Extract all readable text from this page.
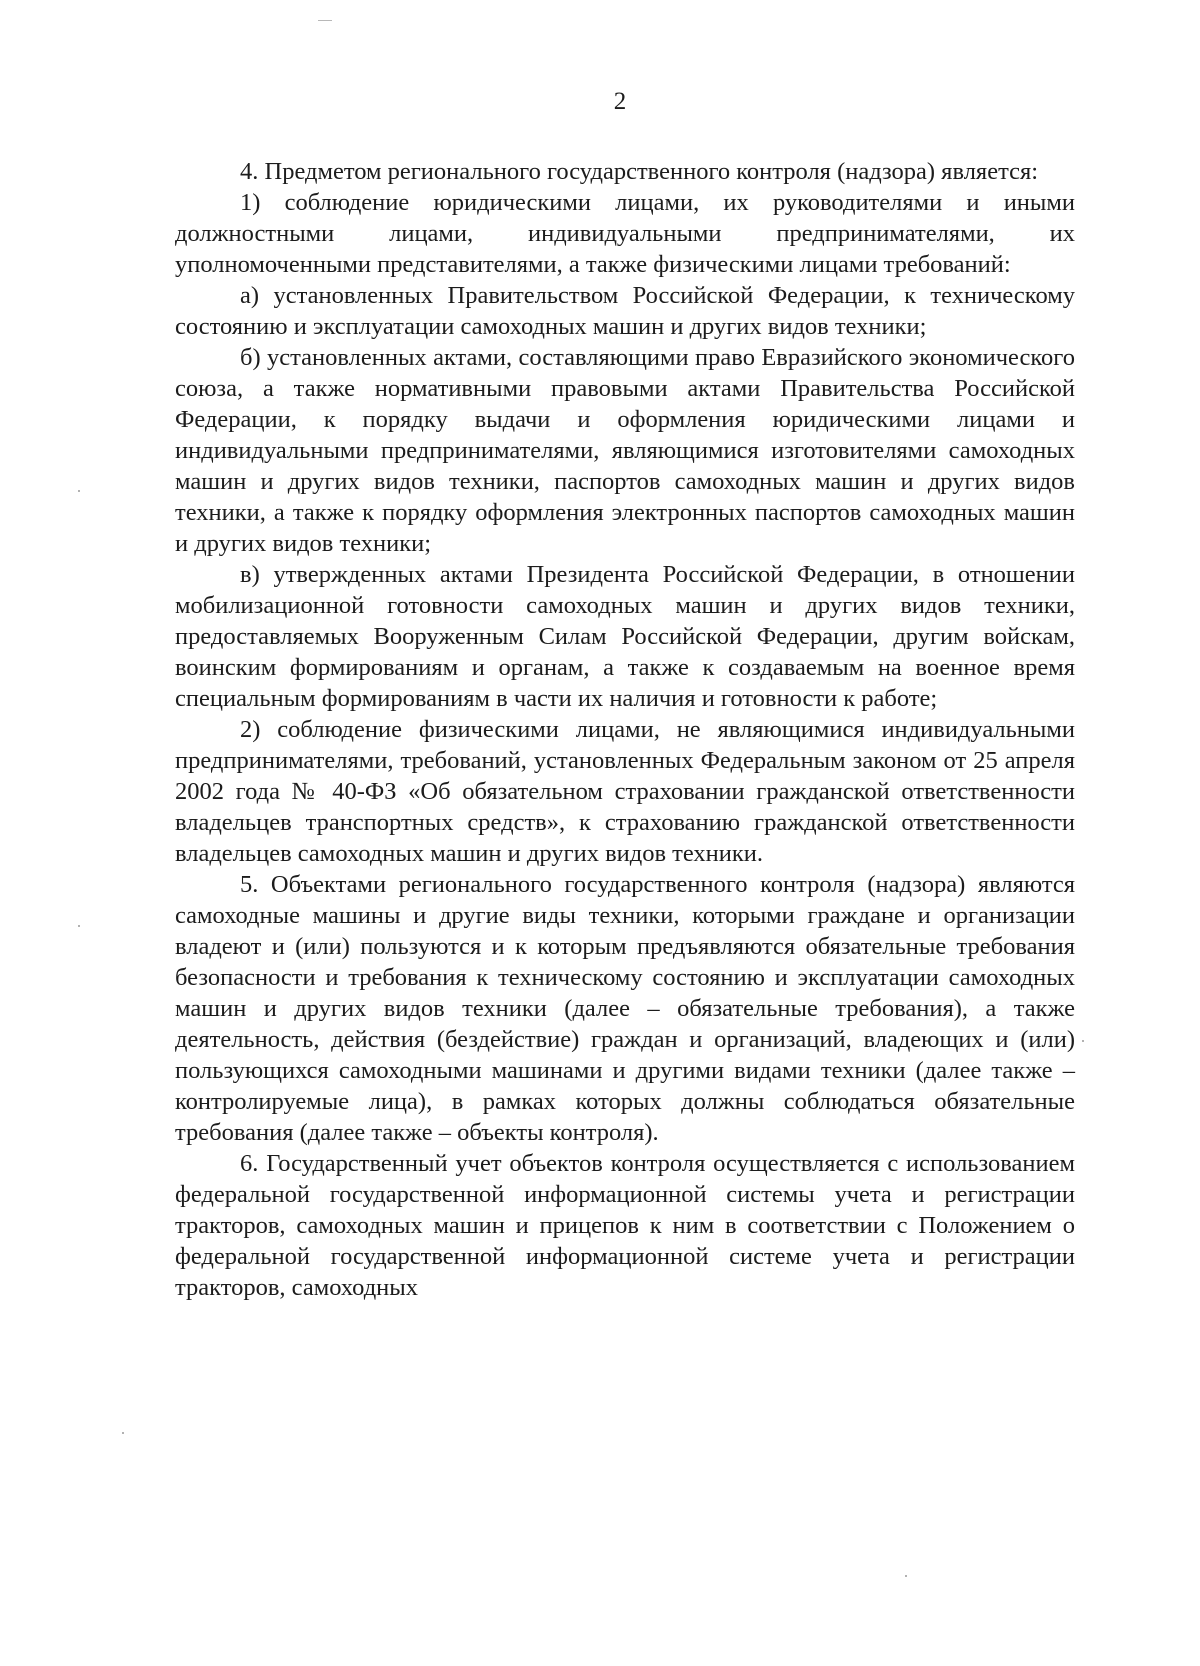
2

4. Предметом регионального государственного контроля (надзора) является:

1) соблюдение юридическими лицами, их руководителями и иными должностными лицами, индивидуальными предпринимателями, их уполномоченными представителями, а также физическими лицами требований:

а) установленных Правительством Российской Федерации, к техническому состоянию и эксплуатации самоходных машин и других видов техники;

б) установленных актами, составляющими право Евразийского экономического союза, а также нормативными правовыми актами Правительства Российской Федерации, к порядку выдачи и оформления юридическими лицами и индивидуальными предпринимателями, являющимися изготовителями самоходных машин и других видов техники, паспортов самоходных машин и других видов техники, а также к порядку оформления электронных паспортов самоходных машин и других видов техники;

в) утвержденных актами Президента Российской Федерации, в отношении мобилизационной готовности самоходных машин и других видов техники, предоставляемых Вооруженным Силам Российской Федерации, другим войскам, воинским формированиям и органам, а также к создаваемым на военное время специальным формированиям в части их наличия и готовности к работе;

2) соблюдение физическими лицами, не являющимися индивидуальными предпринимателями, требований, установленных Федеральным законом от 25 апреля 2002 года № 40-ФЗ «Об обязательном страховании гражданской ответственности владельцев транспортных средств», к страхованию гражданской ответственности владельцев самоходных машин и других видов техники.

5. Объектами регионального государственного контроля (надзора) являются самоходные машины и другие виды техники, которыми граждане и организации владеют и (или) пользуются и к которым предъявляются обязательные требования безопасности и требования к техническому состоянию и эксплуатации самоходных машин и других видов техники (далее – обязательные требования), а также деятельность, действия (бездействие) граждан и организаций, владеющих и (или) пользующихся самоходными машинами и другими видами техники (далее также – контролируемые лица), в рамках которых должны соблюдаться обязательные требования (далее также – объекты контроля).

6. Государственный учет объектов контроля осуществляется с использованием федеральной государственной информационной системы учета и регистрации тракторов, самоходных машин и прицепов к ним в соответствии с Положением о федеральной государственной информационной системе учета и регистрации тракторов, самоходных
